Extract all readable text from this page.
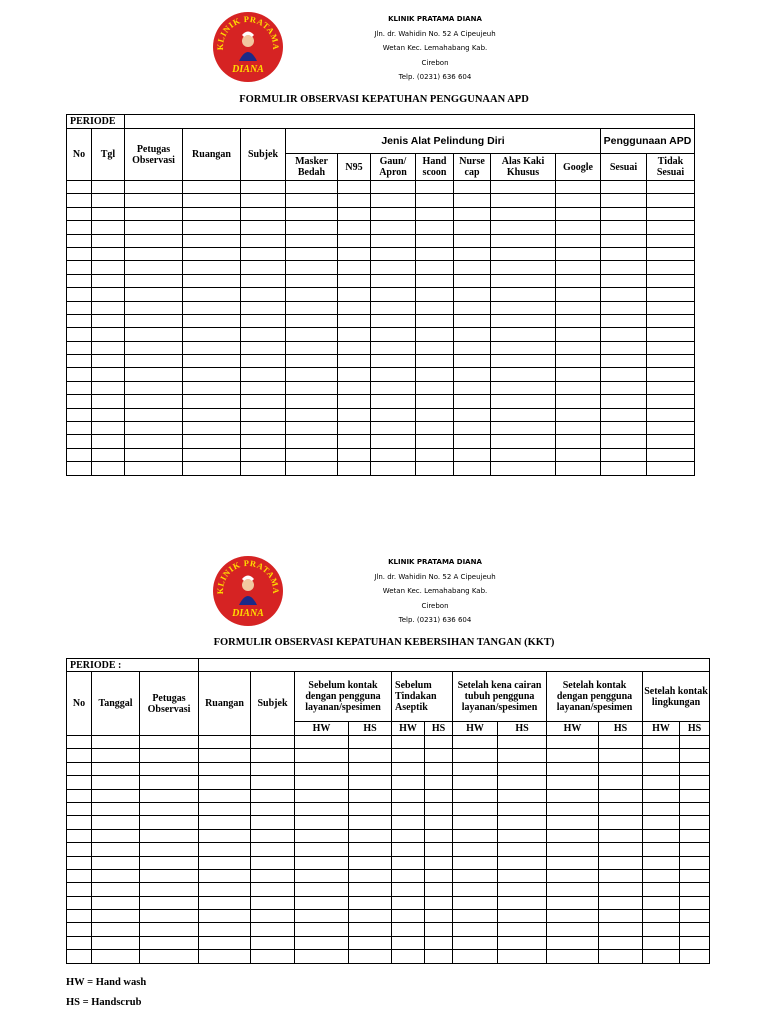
KLINIK PRATAMA
DIANA
KLINIK PRATAMA DIANA
Jln. dr. Wahidin No. 52 A Cipeujeuh
Wetan Kec. Lemahabang Kab.
Cirebon
Telp. (0231) 636 604
FORMULIR OBSERVASI KEPATUHAN PENGGUNAAN APD
PERIODE													
No	Tgl	Petugas Observasi	Ruangan	Subjek	Jenis Alat Pelindung Diri							Penggunaan APD	
					Masker Bedah	N95	Gaun/ Apron	Hand scoon	Nurse cap	Alas Kaki Khusus	Google	Sesuai	Tidak Sesuai

KLINIK PRATAMA
DIANA
KLINIK PRATAMA DIANA
Jln. dr. Wahidin No. 52 A Cipeujeuh
Wetan Kec. Lemahabang Kab.
Cirebon
Telp. (0231) 636 604
FORMULIR OBSERVASI KEPATUHAN KEBERSIHAN TANGAN (KKT)
PERIODE :														
No	Tanggal	Petugas Observasi	Ruangan	Subjek	Sebelum kontak dengan pengguna layanan/spesimen		Sebelum Tindakan Aseptik		Setelah kena cairan tubuh pengguna layanan/spesimen		Setelah kontak dengan pengguna layanan/spesimen		Setelah kontak lingkungan	
					HW	HS	HW	HS	HW	HS	HW	HS	HW	HS

HW = Hand wash
HS = Handscrub
